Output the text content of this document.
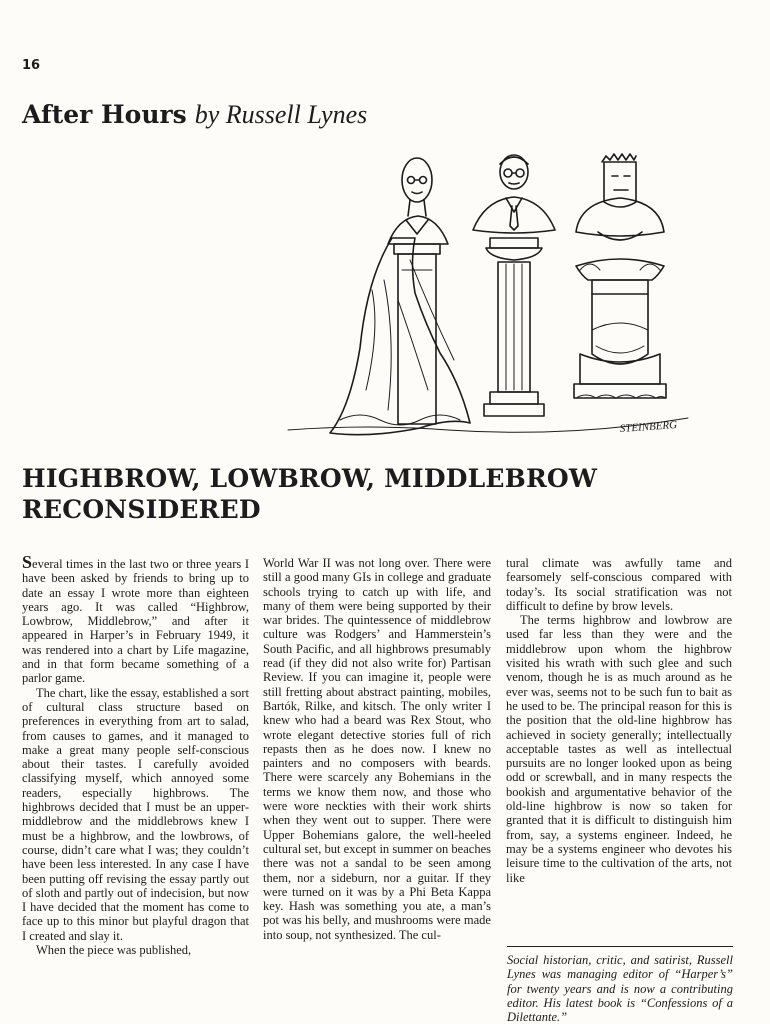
16
After Hours by Russell Lynes
STEINBERG
HIGHBROW, LOWBROW, MIDDLEBROW
RECONSIDERED

Several times in the last two or three years I have been asked by friends to bring up to date an essay I wrote more than eighteen years ago. It was called “Highbrow, Lowbrow, Middlebrow,” and after it appeared in Harper’s in February 1949, it was rendered into a chart by Life magazine, and in that form became something of a parlor game.

The chart, like the essay, established a sort of cultural class structure based on preferences in everything from art to salad, from causes to games, and it managed to make a great many people self-conscious about their tastes. I carefully avoided classifying myself, which annoyed some readers, especially highbrows. The highbrows decided that I must be an upper-middlebrow and the middlebrows knew I must be a highbrow, and the lowbrows, of course, didn’t care what I was; they couldn’t have been less interested. In any case I have been putting off revising the essay partly out of sloth and partly out of indecision, but now I have decided that the moment has come to face up to this minor but playful dragon that I created and slay it.

When the piece was published,

World War II was not long over. There were still a good many GIs in college and graduate schools trying to catch up with life, and many of them were being supported by their war brides. The quintessence of middlebrow culture was Rodgers’ and Hammerstein’s South Pacific, and all highbrows presumably read (if they did not also write for) Partisan Review. If you can imagine it, people were still fretting about abstract painting, mobiles, Bartók, Rilke, and kitsch. The only writer I knew who had a beard was Rex Stout, who wrote elegant detective stories full of rich repasts then as he does now. I knew no painters and no composers with beards. There were scarcely any Bohemians in the terms we know them now, and those who were wore neckties with their work shirts when they went out to supper. There were Upper Bohemians galore, the well-heeled cultural set, but except in summer on beaches there was not a sandal to be seen among them, nor a sideburn, nor a guitar. If they were turned on it was by a Phi Beta Kappa key. Hash was something you ate, a man’s pot was his belly, and mushrooms were made into soup, not synthesized. The cul-

tural climate was awfully tame and fearsomely self-conscious compared with today’s. Its social stratification was not difficult to define by brow levels.

The terms highbrow and lowbrow are used far less than they were and the middlebrow upon whom the highbrow visited his wrath with such glee and such venom, though he is as much around as he ever was, seems not to be such fun to bait as he used to be. The principal reason for this is the position that the old-line highbrow has achieved in society generally; intellectually acceptable tastes as well as intellectual pursuits are no longer looked upon as being odd or screwball, and in many respects the bookish and argumentative behavior of the old-line highbrow is now so taken for granted that it is difficult to distinguish him from, say, a systems engineer. Indeed, he may be a systems engineer who devotes his leisure time to the cultivation of the arts, not like

Social historian, critic, and satirist, Russell Lynes was managing editor of “Harper’s” for twenty years and is now a contributing editor. His latest book is “Confessions of a Dilettante.”
